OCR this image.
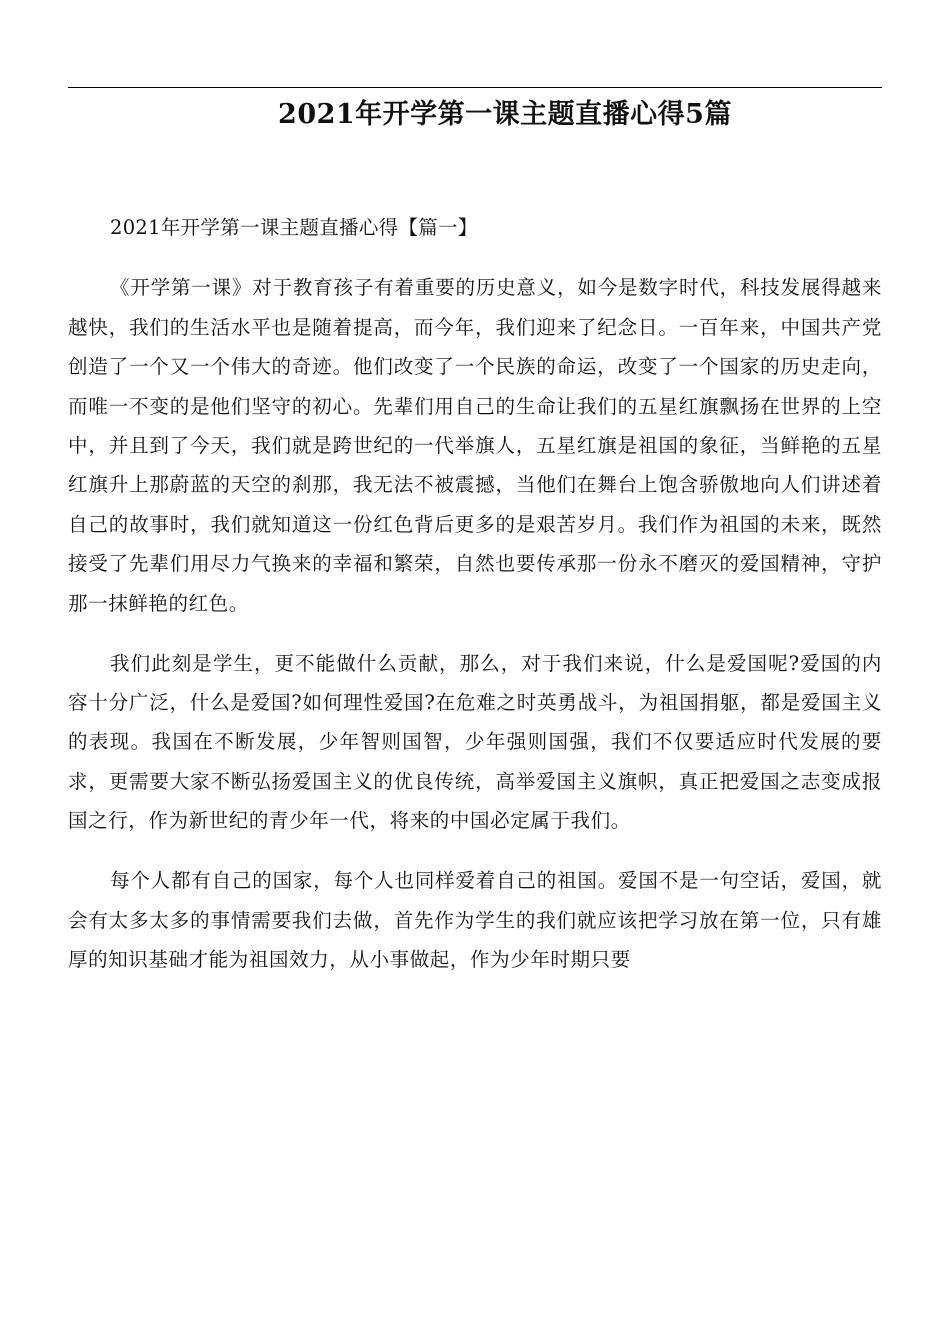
2021年开学第一课主题直播心得5篇

2021年开学第一课主题直播心得【篇一】

《开学第一课》对于教育孩子有着重要的历史意义，如今是数字时代，科技发展得越来越快，我们的生活水平也是随着提高，而今年，我们迎来了纪念日。一百年来，中国共产党创造了一个又一个伟大的奇迹。他们改变了一个民族的命运，改变了一个国家的历史走向，而唯一不变的是他们坚守的初心。先辈们用自己的生命让我们的五星红旗飘扬在世界的上空中，并且到了今天，我们就是跨世纪的一代举旗人，五星红旗是祖国的象征，当鲜艳的五星红旗升上那蔚蓝的天空的刹那，我无法不被震撼，当他们在舞台上饱含骄傲地向人们讲述着自己的故事时，我们就知道这一份红色背后更多的是艰苦岁月。我们作为祖国的未来，既然接受了先辈们用尽力气换来的幸福和繁荣，自然也要传承那一份永不磨灭的爱国精神，守护那一抹鲜艳的红色。

我们此刻是学生，更不能做什么贡献，那么，对于我们来说，什么是爱国呢?爱国的内容十分广泛，什么是爱国?如何理性爱国?在危难之时英勇战斗，为祖国捐躯，都是爱国主义的表现。我国在不断发展，少年智则国智，少年强则国强，我们不仅要适应时代发展的要求，更需要大家不断弘扬爱国主义的优良传统，高举爱国主义旗帜，真正把爱国之志变成报国之行，作为新世纪的青少年一代，将来的中国必定属于我们。

每个人都有自己的国家，每个人也同样爱着自己的祖国。爱国不是一句空话，爱国，就会有太多太多的事情需要我们去做，首先作为学生的我们就应该把学习放在第一位，只有雄厚的知识基础才能为祖国效力，从小事做起，作为少年时期只要
